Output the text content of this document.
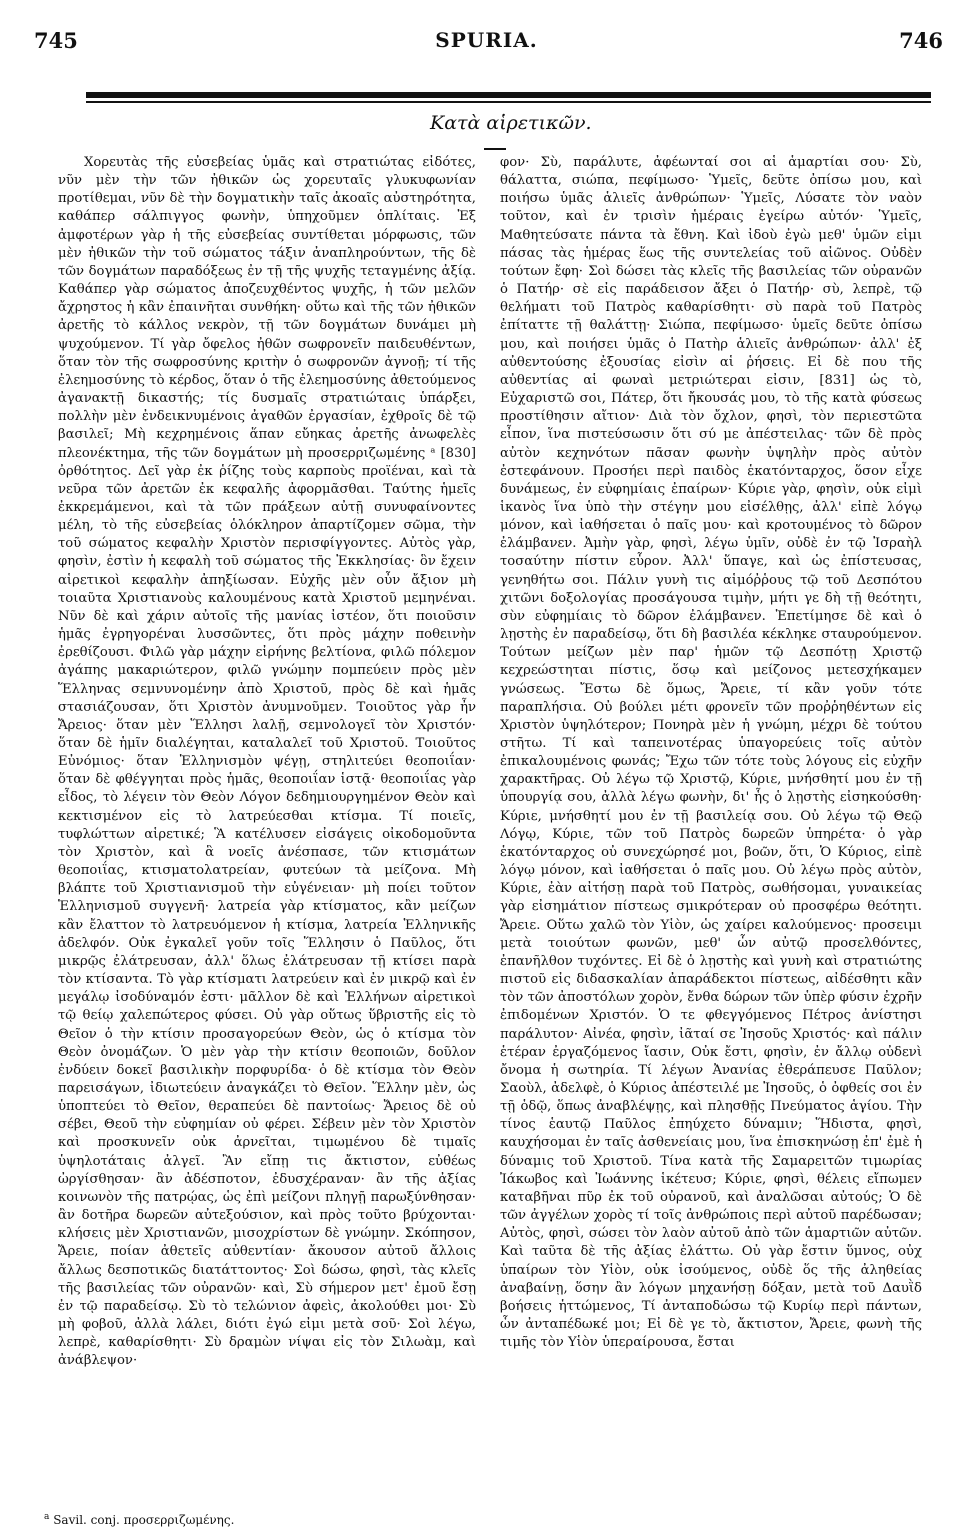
745	SPURIA.	746
Κατὰ αἱρετικῶν.

Χορευτὰς τῆς εὐσεβείας ὑμᾶς καὶ στρατιώτας εἰδότες, νῦν μὲν τὴν τῶν ἠθικῶν ὡς χορευταῖς γλυκυφωνίαν προτίθεμαι, νῦν δὲ τὴν δογματικὴν ταῖς ἀκοαῖς αὐστηρότητα, καθάπερ σάλπιγγος φωνὴν, ὑπηχοῦμεν ὁπλίταις. Ἐξ ἀμφοτέρων γὰρ ἡ τῆς εὐσεβείας συντίθεται μόρφωσις, τῶν μὲν ἠθικῶν τὴν τοῦ σώματος τάξιν ἀναπληρούντων, τῆς δὲ τῶν δογμάτων παραδόξεως ἐν τῇ τῆς ψυχῆς τεταγμένης ἀξίᾳ. Καθάπερ γὰρ σώματος ἀποζευχθέντος ψυχῆς, ἡ τῶν μελῶν ἄχρηστος ἡ κἂν ἐπαινῆται συνθήκη· οὕτω καὶ τῆς τῶν ἠθικῶν ἀρετῆς τὸ κάλλος νεκρὸν, τῇ τῶν δογμάτων δυνάμει μὴ ψυχούμενον. Τί γὰρ ὄφελος ἠθῶν σωφρονεῖν παιδευθέντων, ὅταν τὸν τῆς σωφροσύνης κριτὴν ὁ σωφρονῶν ἀγνοῇ; τί τῆς ἐλεημοσύνης τὸ κέρδος, ὅταν ὁ τῆς ἐλεημοσύνης ἀθετούμενος ἀγανακτῇ δικαστής; τίς δυσμαῖς στρατιώταις ὑπάρξει, πολλὴν μὲν ἐνδεικνυμένοις ἀγαθῶν ἐργασίαν, ἐχθροῖς δὲ τῷ βασιλεῖ; Μὴ κεχρημένοις ἅπαν εὔηκας ἀρετῆς ἀνωφελὲς πλεονέκτημα, τῆς τῶν δογμάτων μὴ προσερριζωμένης ᵃ [830] ὀρθότητος. Δεῖ γὰρ ἐκ ῥίζης τοὺς καρποὺς προϊέναι, καὶ τὰ νεῦρα τῶν ἀρετῶν ἐκ κεφαλῆς ἀφορμᾶσθαι. Ταύτης ἡμεῖς ἐκκρεμάμενοι, καὶ τὰ τῶν πράξεων αὐτῇ συνυφαίνοντες μέλη, τὸ τῆς εὐσεβείας ὁλόκληρον ἀπαρτίζομεν σῶμα, τὴν τοῦ σώματος κεφαλὴν Χριστὸν περισφίγγοντες. Αὐτὸς γὰρ, φησὶν, ἐστὶν ἡ κεφαλὴ τοῦ σώματος τῆς Ἐκκλησίας· ὃν ἔχειν αἱρετικοὶ κεφαλὴν ἀπηξίωσαν. Εὐχῆς μὲν οὖν ἄξιον μὴ τοιαῦτα Χριστιανοὺς καλουμένους κατὰ Χριστοῦ μεμηνέναι. Νῦν δὲ καὶ χάριν αὐτοῖς τῆς μανίας ἰστέον, ὅτι ποιοῦσιν ἡμᾶς ἐγρηγορέναι λυσσῶντες, ὅτι πρὸς μάχην ποθεινὴν ἐρεθίζουσι. Φιλῶ γὰρ μάχην εἰρήνης βελτίονα, φιλῶ πόλεμον ἀγάπης μακαριώτερον, φιλῶ γνώμην πομπεύειν πρὸς μὲν Ἕλληνας σεμνυνομένην ἀπὸ Χριστοῦ, πρὸς δὲ καὶ ἡμᾶς στασιάζουσαν, ὅτι Χριστὸν ἀνυμνοῦμεν. Τοιοῦτος γὰρ ἦν Ἄρειος· ὅταν μὲν Ἕλλησι λαλῇ, σεμνολογεῖ τὸν Χριστόν· ὅταν δὲ ἡμῖν διαλέγηται, καταλαλεῖ τοῦ Χριστοῦ. Τοιοῦτος Εὐνόμιος· ὅταν Ἑλληνισμὸν ψέγῃ, στηλιτεύει θεοποιΐαν· ὅταν δὲ φθέγγηται πρὸς ἡμᾶς, θεοποιΐαν ἱστᾷ· θεοποιΐας γὰρ εἶδος, τὸ λέγειν τὸν Θεὸν Λόγον δεδημιουργημένον Θεὸν καὶ κεκτισμένον εἰς τὸ λατρεύεσθαι κτίσμα. Τί ποιεῖς, τυφλώττων αἱρετικέ; Ἃ κατέλυσεν εἰσάγεις οἰκοδομοῦντα τὸν Χριστὸν, καὶ ἃ νοεῖς ἀνέσπασε, τῶν κτισμάτων θεοποιΐας, κτισματολατρείαν, φυτεύων τὰ μείζονα. Μὴ βλάπτε τοῦ Χριστιανισμοῦ τὴν εὐγένειαν· μὴ ποίει τοῦτον Ἑλληνισμοῦ συγγενῆ· λατρεία γὰρ κτίσματος, κἂν μείζων κἂν ἔλαττον τὸ λατρευόμενον ἡ κτίσμα, λατρεία Ἑλληνικῆς ἀδελφόν. Οὐκ ἐγκαλεῖ γοῦν τοῖς Ἕλλησιν ὁ Παῦλος, ὅτι μικρῷς ἐλάτρευσαν, ἀλλ' ὅλως ἐλάτρευσαν τῇ κτίσει παρὰ τὸν κτίσαντα. Τὸ γὰρ κτίσματι λατρεύειν καὶ ἐν μικρῷ καὶ ἐν μεγάλῳ ἰσοδύναμόν ἐστι· μᾶλλον δὲ καὶ Ἑλλήνων αἱρετικοὶ τῷ θείῳ χαλεπώτερος φύσει. Οὐ γὰρ οὕτως ὕβριστῆς εἰς τὸ Θεῖον ὁ τὴν κτίσιν προσαγορεύων Θεὸν, ὡς ὁ κτίσμα τὸν Θεὸν ὀνομάζων. Ὁ μὲν γὰρ τὴν κτίσιν θεοποιῶν, δοῦλον ἐνδύειν δοκεῖ βασιλικὴν πορφυρίδα· ὁ δὲ κτίσμα τὸν Θεὸν παρεισάγων, ἰδιωτεύειν ἀναγκάζει τὸ Θεῖον. Ἕλλην μὲν, ὡς ὑποπτεύει τὸ Θεῖον, θεραπεύει δὲ παντοίως· Ἄρειος δὲ οὐ σέβει, Θεοῦ τὴν εὐφημίαν οὐ φέρει. Σέβειν μὲν τὸν Χριστὸν καὶ προσκυνεῖν οὐκ ἀρνεῖται, τιμωμένου δὲ τιμαῖς ὑψηλοτάταις ἀλγεῖ. Ἂν εἴπῃ τις ἄκτιστον, εὐθέως ὠργίσθησαν· ἂν ἀδέσποτον, ἐδυσχέραναν· ἂν τῆς ἀξίας κοινωνὸν τῆς πατρῴας, ὡς ἐπὶ μείζονι πληγῇ παρωξύνθησαν· ἂν δοτῆρα δωρεῶν αὐτεξούσιον, καὶ πρὸς τοῦτο βρύχονται· κλήσεις μὲν Χριστιανῶν, μισοχρίστων δὲ γνώμην. Σκόπησον, Ἄρειε, ποίαν ἀθετεῖς αὐθεντίαν· ἄκουσον αὐτοῦ ἄλλοις ἄλλως δεσποτικῶς διατάττοντος· Σοὶ δώσω, φησὶ, τὰς κλεῖς τῆς βασιλείας τῶν οὐρανῶν· καὶ, Σὺ σήμερον μετ' ἐμοῦ ἔσῃ ἐν τῷ παραδείσῳ. Σὺ τὸ τελώνιον ἀφεὶς, ἀκολούθει μοι· Σὺ μὴ φοβοῦ, ἀλλὰ λάλει, διότι ἐγώ εἰμι μετὰ σοῦ· Σοὶ λέγω, λεπρὲ, καθαρίσθητι· Σὺ δραμὼν νίψαι εἰς τὸν Σιλωὰμ, καὶ ἀνάβλεψον·

φον· Σὺ, παράλυτε, ἀφέωνταί σοι αἱ ἁμαρτίαι σου· Σὺ, θάλαττα, σιώπα, πεφίμωσο· Ὑμεῖς, δεῦτε ὀπίσω μου, καὶ ποιήσω ὑμᾶς ἁλιεῖς ἀνθρώπων· Ὑμεῖς, Λύσατε τὸν ναὸν τοῦτον, καὶ ἐν τρισὶν ἡμέραις ἐγείρω αὐτόν· Ὑμεῖς, Μαθητεύσατε πάντα τὰ ἔθνη. Καὶ ἰδοὺ ἐγὼ μεθ' ὑμῶν εἰμι πάσας τὰς ἡμέρας ἕως τῆς συντελείας τοῦ αἰῶνος. Οὐδὲν τούτων ἔφη· Σοὶ δώσει τὰς κλεῖς τῆς βασιλείας τῶν οὐρανῶν ὁ Πατήρ· σὲ εἰς παράδεισον ἄξει ὁ Πατήρ· σὺ, λεπρὲ, τῷ θελήματι τοῦ Πατρὸς καθαρίσθητι· σὺ παρὰ τοῦ Πατρὸς ἐπίταττε τῇ θαλάττῃ· Σιώπα, πεφίμωσο· ὑμεῖς δεῦτε ὀπίσω μου, καὶ ποιήσει ὑμᾶς ὁ Πατὴρ ἁλιεῖς ἀνθρώπων· ἀλλ' ἐξ αὐθεντούσης ἐξουσίας εἰσὶν αἱ ῥήσεις. Εἰ δὲ που τῆς αὐθεντίας αἱ φωναὶ μετριώτεραι εἰσιν, [831] ὡς τὸ, Εὐχαριστῶ σοι, Πάτερ, ὅτι ἤκουσάς μου, τὸ τῆς κατὰ φύσεως προστίθησιν αἴτιον· Διὰ τὸν ὄχλον, φησὶ, τὸν περιεστῶτα εἶπον, ἵνα πιστεύσωσιν ὅτι σύ με ἀπέστειλας· τῶν δὲ πρὸς αὐτὸν κεχηνότων πᾶσαν φωνὴν ὑψηλὴν πρὸς αὐτὸν ἐστεφάνουν. Προσήει περὶ παιδὸς ἑκατόνταρχος, ὅσον εἶχε δυνάμεως, ἐν εὐφημίαις ἐπαίρων· Κύριε γὰρ, φησὶν, οὐκ εἰμὶ ἱκανὸς ἵνα ὑπὸ τὴν στέγην μου εἰσέλθῃς, ἀλλ' εἰπὲ λόγῳ μόνον, καὶ ἰαθήσεται ὁ παῖς μου· καὶ κροτουμένος τὸ δῶρον ἐλάμβανεν. Ἀμὴν γὰρ, φησὶ, λέγω ὑμῖν, οὐδὲ ἐν τῷ Ἰσραὴλ τοσαύτην πίστιν εὗρον. Ἀλλ' ὕπαγε, καὶ ὡς ἐπίστευσας, γενηθήτω σοι. Πάλιν γυνὴ τις αἱμόῤῥους τῷ τοῦ Δεσπότου χιτῶνι δοξολογίας προσάγουσα τιμὴν, μήτι γε δὴ τῇ θεότητι, σὺν εὐφημίαις τὸ δῶρον ἐλάμβανεν. Ἐπετίμησε δὲ καὶ ὁ λῃστὴς ἐν παραδείσῳ, ὅτι δὴ βασιλέα κέκληκε σταυρούμενον. Τούτων μείζων μὲν παρ' ἡμῶν τῷ Δεσπότῃ Χριστῷ κεχρεώστηται πίστις, ὅσῳ καὶ μείζονος μετεσχήκαμεν γνώσεως. Ἔστω δὲ ὅμως, Ἄρειε, τί κἂν γοῦν τότε παραπλήσια. Οὐ βούλει μέτι φρονεῖν τῶν προῤῥηθέντων εἰς Χριστὸν ὑψηλότερον; Πονηρὰ μὲν ἡ γνώμη, μέχρι δὲ τούτου στῆτω. Τί καὶ ταπεινοτέρας ὑπαγορεύεις τοῖς αὐτὸν ἐπικαλουμένοις φωνάς; Ἔχω τῶν τότε τοὺς λόγους εἰς εὐχῆν χαρακτῆρας. Οὐ λέγω τῷ Χριστῷ, Κύριε, μνήσθητί μου ἐν τῇ ὑπουργίᾳ σου, ἀλλὰ λέγω φωνὴν, δι' ἧς ὁ λῃστὴς εἰσηκούσθη· Κύριε, μνήσθητί μου ἐν τῇ βασιλείᾳ σου. Οὐ λέγω τῷ Θεῷ Λόγῳ, Κύριε, τῶν τοῦ Πατρὸς δωρεῶν ὑπηρέτα· ὁ γὰρ ἑκατόνταρχος οὐ συνεχώρησέ μοι, βοῶν, ὅτι, Ὁ Κύριος, εἰπὲ λόγῳ μόνον, καὶ ἰαθήσεται ὁ παῖς μου. Οὐ λέγω πρὸς αὐτὸν, Κύριε, ἐὰν αἰτήσῃ παρὰ τοῦ Πατρὸς, σωθήσομαι, γυναικείας γὰρ εἰσημάτιον πίστεως σμικρότεραν οὐ προσφέρω θεότητι. Ἄρειε. Οὕτω χαλῶ τὸν Υἱὸν, ὡς χαίρει καλούμενος· προσειμι μετὰ τοιούτων φωνῶν, μεθ' ὧν αὐτῷ προσελθόντες, ἐπανῆλθον τυχόντες. Εἰ δὲ ὁ λῃστὴς καὶ γυνὴ καὶ στρατιώτης πιστοῦ εἰς διδασκαλίαν ἀπαράδεκτοι πίστεως, αἰδέσθητι κἂν τὸν τῶν ἀποστόλων χορὸν, ἔνθα δώρων τῶν ὑπὲρ φύσιν ἐχρῆν ἐπιδομένων Χριστόν. Ὁ τε φθεγγόμενος Πέτρος ἀνίστησι παράλυτον· Αἰνέα, φησὶν, ἰᾶταί σε Ἰησοῦς Χριστός· καὶ πάλιν ἑτέραν ἐργαζόμενος ἴασιν, Οὐκ ἔστι, φησὶν, ἐν ἄλλῳ οὐδενὶ ὄνομα ἡ σωτηρία. Τί λέγων Ἀνανίας ἐθεράπευσε Παῦλον; Σαοὺλ, ἀδελφὲ, ὁ Κύριος ἀπέστειλέ με Ἰησοῦς, ὁ ὀφθείς σοι ἐν τῇ ὁδῷ, ὅπως ἀναβλέψῃς, καὶ πλησθῇς Πνεύματος ἁγίου. Τὴν τίνος ἑαυτῷ Παῦλος ἐπηύχετο δύναμιν; Ἥδιστα, φησὶ, καυχήσομαι ἐν ταῖς ἀσθενείαις μου, ἵνα ἐπισκηνώσῃ ἐπ' ἐμὲ ἡ δύναμις τοῦ Χριστοῦ. Τίνα κατὰ τῆς Σαμαρειτῶν τιμωρίας Ἰάκωβος καὶ Ἰωάννης ἱκέτευσ; Κύριε, φησὶ, θέλεις εἴπωμεν καταβῆναι πῦρ ἐκ τοῦ οὐρανοῦ, καὶ ἀναλῶσαι αὐτούς; Ὁ δὲ τῶν ἀγγέλων χορὸς τί τοῖς ἀνθρώποις περὶ αὐτοῦ παρέδωσαν; Αὐτὸς, φησὶ, σώσει τὸν λαὸν αὐτοῦ ἀπὸ τῶν ἁμαρτιῶν αὐτῶν. Καὶ ταῦτα δὲ τῆς ἀξίας ἐλάττω. Οὐ γὰρ ἔστιν ὕμνος, οὐχ ὑπαίρων τὸν Υἱὸν, οὐκ ἰσούμενος, οὐδὲ ὅς τῆς ἀληθείας ἀναβαίνῃ, ὅσην ἂν λόγων μηχανήσῃ δόξαν, μετὰ τοῦ Δαυῒδ βοήσεις ἡττώμενος, Τί ἀνταποδώσω τῷ Κυρίῳ περὶ πάντων, ὧν ἀνταπέδωκέ μοι; Εἰ δὲ γε τὸ, ἄκτιστον, Ἄρειε, φωνὴ τῆς τιμῆς τὸν Υἱὸν ὑπεραίρουσα, ἔσται

$^a$ Savil. conj. προσερριζωμένης.
